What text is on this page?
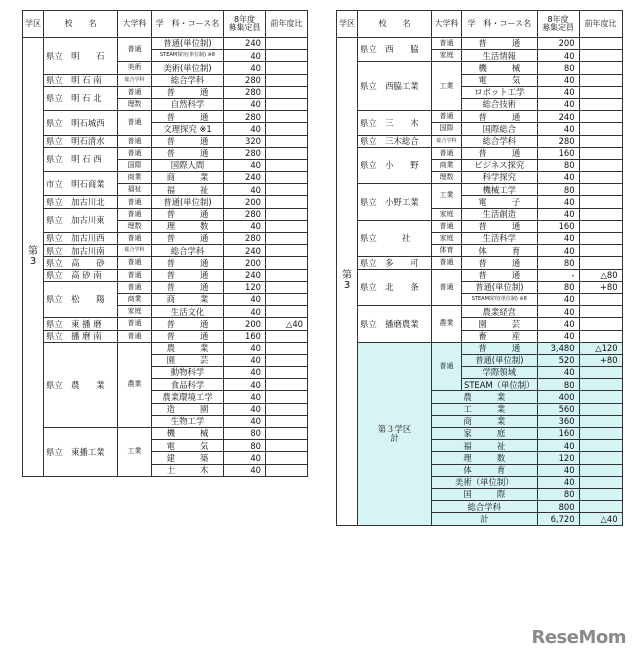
学区	校　　名	大学科	学　科・コース名	8年度
募集定員	前年度比
第
3	県立　明　　石	普通	普通(単位制)	240	
			STEAM探究(単位制) ※8	40	
		美術	美術(単位制)	40	
	県立　明 石 南	総合学科	総合学科	280	
	県立　明 石 北	普通	普　　　通	280	
		理数	自然科学	40	
	県立　明石城西	普通	普　　　通	280	
			文理探究 ※1	40	
	県立　明石清水	普通	普　　　通	320	
	県立　明 石 西	普通	普　　　通	280	
		国際	国際人間	40	
	市立　明石商業	商業	商　　　業	240	
		福祉	福　　　祉	40	
	県立　加古川北	普通	普通(単位制)	200	
	県立　加古川東	普通	普　　　通	280	
		理数	理　　　数	40	
	県立　加古川西	普通	普　　　通	280	
	県立　加古川南	総合学科	総合学科	240	
	県立　高　　砂	普通	普　　　通	200	
	県立　高 砂 南	普通	普　　　通	240	
	県立　松　　陽	普通	普　　　通	120	
		商業	商　　　業	40	
		家庭	生活文化	40	
	県立　東 播 磨	普通	普　　　通	200	△40
	県立　播 磨 南	普通	普　　　通	160	
	県立　農　　業	農業	農　　　業	40	
			園　　　芸	40	
			動物科学	40	
			食品科学	40	
			農業環境工学	40	
			造　　　園	40	
			生物工学	40	
	県立　東播工業	工業	機　　　械	80	
			電　　　気	80	
			建　　　築	40	
			土　　　木	40	
学区	校　　名	大学科	学　科・コース名	8年度
募集定員	前年度比
第
3	県立　西　　脇	普通	普　　　通	200	
		家庭	生活情報	40	
	県立　西脇工業	工業	機　　　械	80	
			電　　　気	40	
			ロボット工学	40	
			総合技術	40	
	県立　三　　木	普通	普　　　通	240	
		国際	国際総合	40	
	県立　三木総合	総合学科	総合学科	280	
	県立　小　　野	普通	普　　　通	160	
		商業	ビジネス探究	80	
		理数	科学探究	40	
	県立　小野工業	工業	機械工学	80	
			電　　　子	40	
		家庭	生活創造	40	
	県立　　　社	普通	普　　　通	160	
		家庭	生活科学	40	
		体育	体　　　育	40	
	県立　多　　可	普通	普　　　通	80	
	県立　北　　条	普通	普　　　通	-	△80
			普通(単位制)	80	+80
			STEAM探究(単位制) ※8	40	
	県立　播磨農業	農業	農業経営	40	
			園　　　芸	40	
			畜　　　産	40	

	第３学区
計	普通	普　　　通	3,480	△120
			普通(単位制)	520	+80
			学際領域	40	
			STEAM（単位制）	80	
		農　　　業		400	
		工　　　業		560	
		商　　　業		360	
		家　　　庭		160	
		福　　　祉		40	
		理　　　数		120	
		体　　　育		40	
		美術（単位制）		40	
		国　　　際		80	
		総合学科		800	
		計		6,720	△40
ReseMom
